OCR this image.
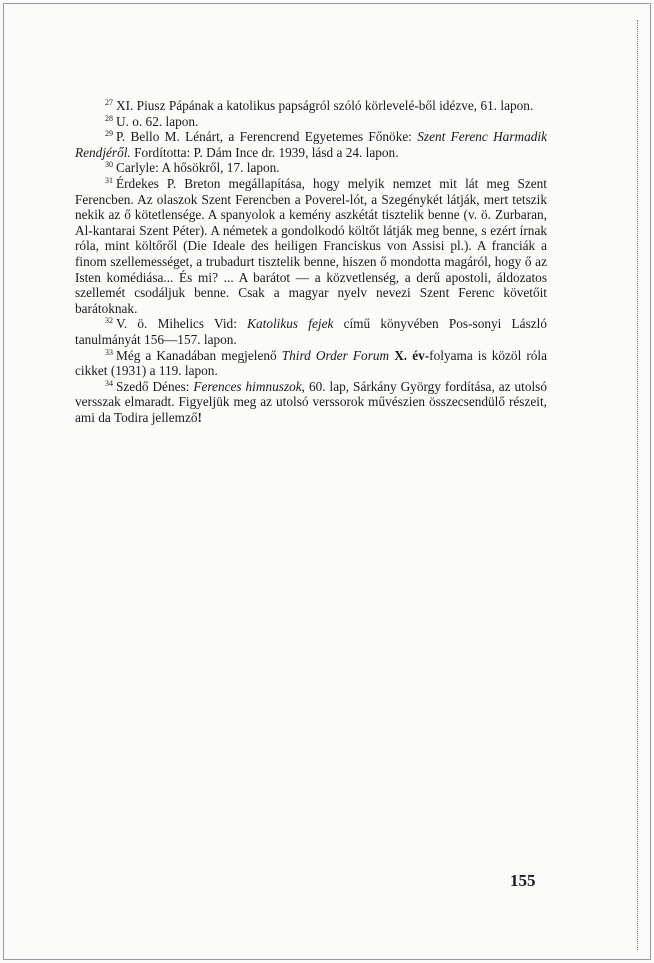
$^{27}$ XI. Piusz Pápának a katolikus papságról szóló körlevelé-ből idézve, 61. lapon.

$^{28}$ U. o. 62. lapon.

$^{29}$ P. Bello M. Lénárt, a Ferencrend Egyetemes Főnöke: Szent Ferenc Harmadik Rendjéről. Fordította: P. Dám Ince dr. 1939, lásd a 24. lapon.

$^{30}$ Carlyle: A hősökről, 17. lapon.

$^{31}$ Érdekes P. Breton megállapítása, hogy melyik nemzet mit lát meg Szent Ferencben. Az olaszok Szent Ferencben a Poverel-lót, a Szegénykét látják, mert tetszik nekik az ő kötetlensége. A spanyolok a kemény aszkétát tisztelik benne (v. ö. Zurbaran, Al-kantarai Szent Péter). A németek a gondolkodó költőt látják meg benne, s ezért írnak róla, mint költőről (Die Ideale des heiligen Franciskus von Assisi pl.). A franciák a finom szellemességet, a trubadurt tisztelik benne, hiszen ő mondotta magáról, hogy ő az Isten komédiása... És mi? ... A barátot — a közvetlenség, a derű apostoli, áldozatos szellemét csodáljuk benne. Csak a magyar nyelv nevezi Szent Ferenc követőit barátoknak.

$^{32}$ V. ö. Mihelics Vid: Katolikus fejek című könyvében Pos-sonyi László tanulmányát 156—157. lapon.

$^{33}$ Még a Kanadában megjelenő Third Order Forum X. év-folyama is közöl róla cikket (1931) a 119. lapon.

$^{34}$ Szedő Dénes: Ferences himnuszok, 60. lap, Sárkány György fordítása, az utolsó versszak elmaradt. Figyeljük meg az utolsó verssorok művészien összecsendülő részeit, ami da Todira jellemző!

155
